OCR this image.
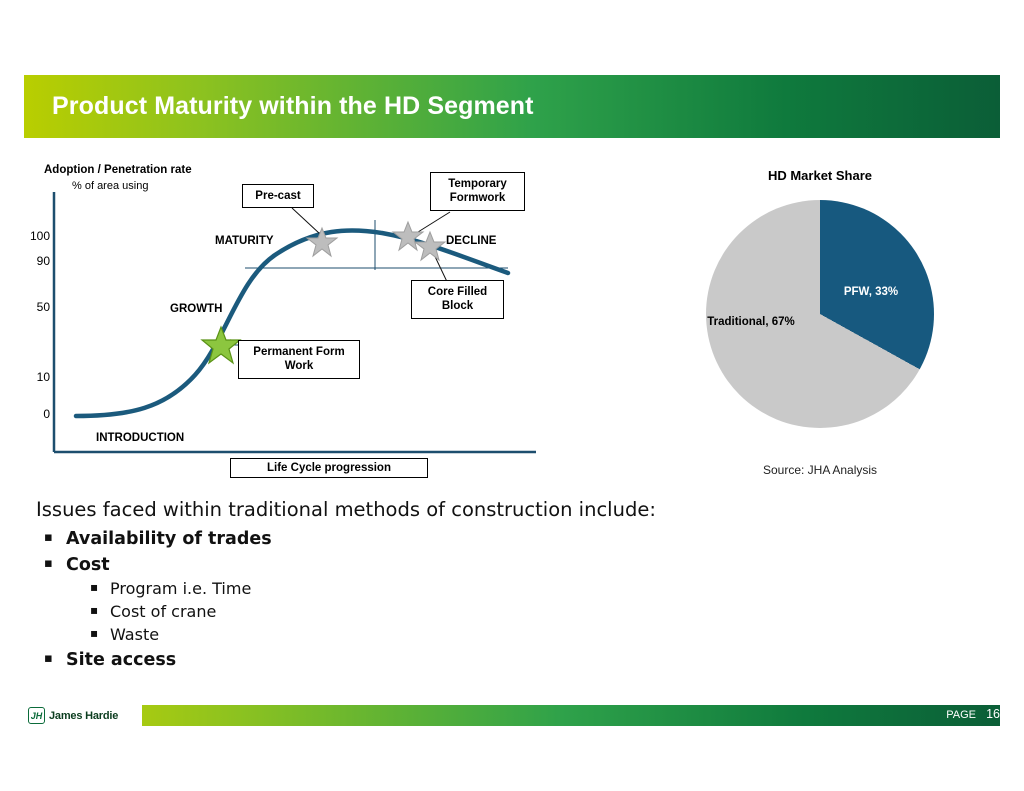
Product Maturity within the HD Segment
Adoption / Penetration rate
% of area using
100
90
50
10
0
INTRODUCTION
GROWTH
MATURITY	DECLINE
Pre-cast
Temporary Formwork
Core Filled Block
Permanent Form Work
Life Cycle progression
HD Market Share
PFW, 33%
Traditional, 67%
Source: JHA Analysis

Issues faced within traditional methods of construction include:

▪ Availability of trades
▪ Cost
▪ Program i.e. Time
▪ Cost of crane
▪ Waste
▪ Site access
JH James Hardie	PAGE 16
